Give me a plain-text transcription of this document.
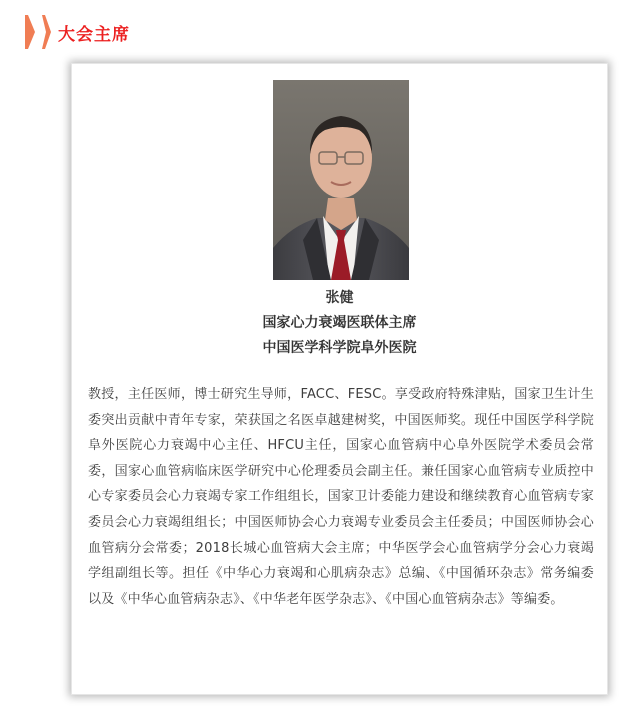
大会主席
张健
国家心力衰竭医联体主席
中国医学科学院阜外医院

教授，主任医师，博士研究生导师，FACC、FESC。享受政府特殊津贴，国家卫生计生委突出贡献中青年专家，荣获国之名医卓越建树奖，中国医师奖。现任中国医学科学院阜外医院心力衰竭中心主任、HFCU主任，国家心血管病中心阜外医院学术委员会常委，国家心血管病临床医学研究中心伦理委员会副主任。兼任国家心血管病专业质控中心专家委员会心力衰竭专家工作组组长，国家卫计委能力建设和继续教育心血管病专家委员会心力衰竭组组长；中国医师协会心力衰竭专业委员会主任委员；中国医师协会心血管病分会常委；2018长城心血管病大会主席；中华医学会心血管病学分会心力衰竭学组副组长等。担任《中华心力衰竭和心肌病杂志》总编、《中国循环杂志》常务编委以及《中华心血管病杂志》、《中华老年医学杂志》、《中国心血管病杂志》等编委。
